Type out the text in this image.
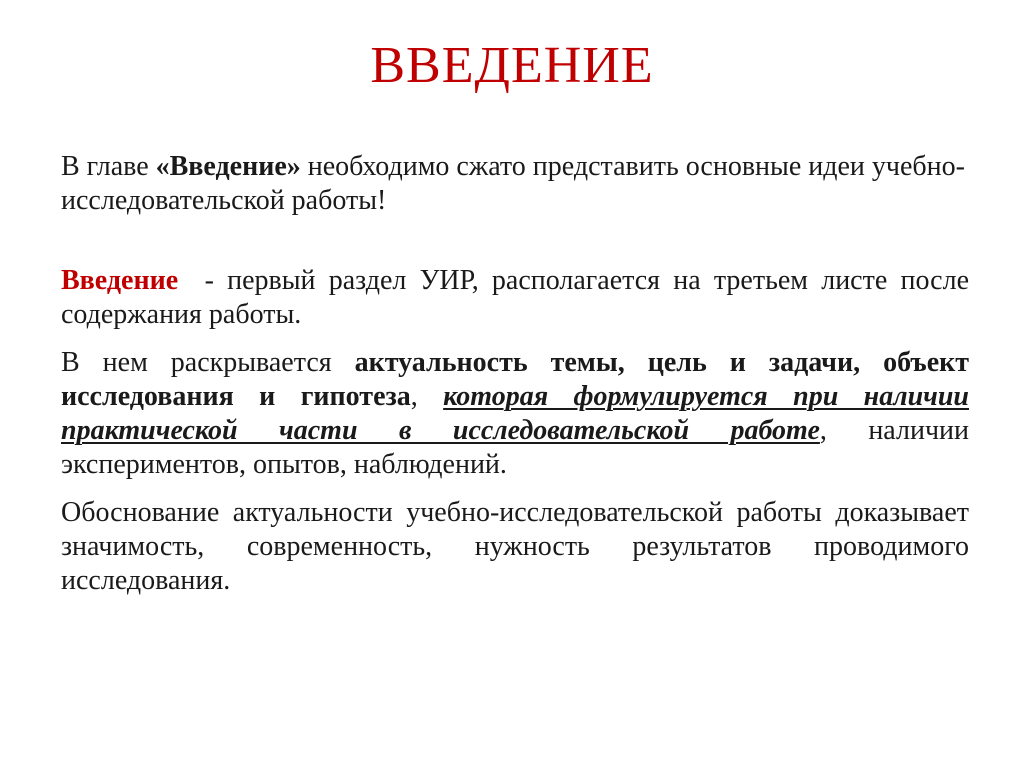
ВВЕДЕНИЕ

В главе «Введение» необходимо сжато представить основные идеи учебно-исследовательской работы!

Введение  - первый раздел УИР, располагается на третьем листе после содержания работы.

В нем раскрывается актуальность темы, цель и задачи, объект исследования и гипотеза, которая формулируется при наличии практической части в исследовательской работе, наличии экспериментов, опытов, наблюдений.

Обоснование актуальности учебно-исследовательской работы доказывает значимость, современность, нужность результатов проводимого исследования.
